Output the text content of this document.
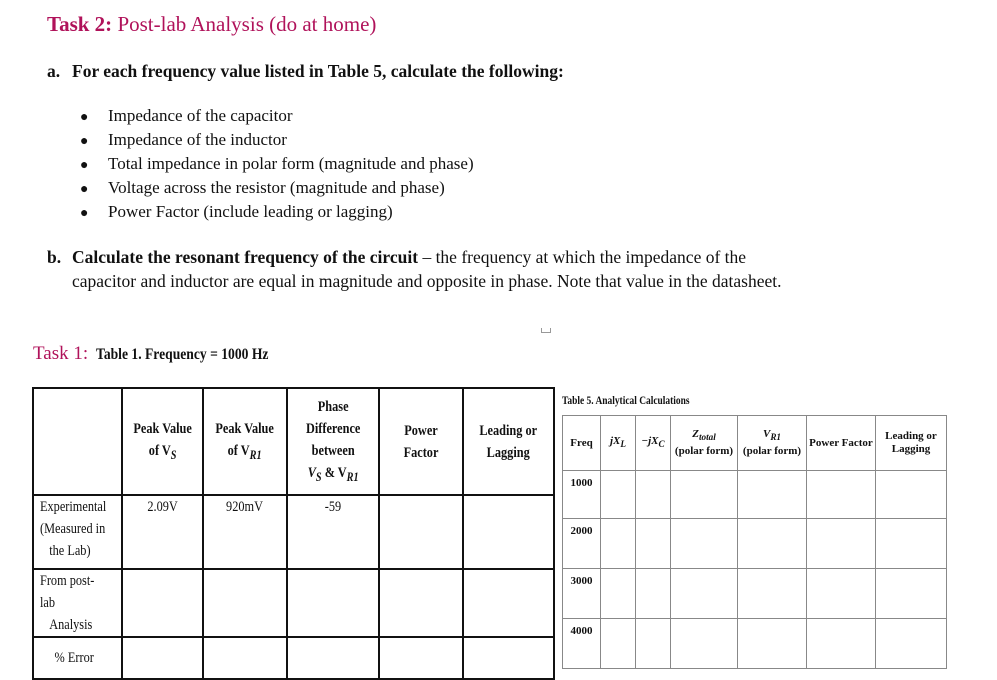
Task 2: Post-lab Analysis (do at home)
a. For each frequency value listed in Table 5, calculate the following:
● Impedance of the capacitor
● Impedance of the inductor
● Total impedance in polar form (magnitude and phase)
● Voltage across the resistor (magnitude and phase)
● Power Factor (include leading or lagging)
b. Calculate the resonant frequency of the circuit – the frequency at which the impedance of the
capacitor and inductor are equal in magnitude and opposite in phase. Note that value in the datasheet.
Task 1: Table 1. Frequency = 1000 Hz
	Peak Value
of $V_S$	Peak Value
of $V_{R1}$	Phase
Difference
between
$V_S$ & $V_{R1}$	Power Factor	Leading or
Lagging
Experimental
(Measured in
the Lab)	2.09V	920mV	-59		
From post-lab
Analysis					
% Error					
Table 5. Analytical Calculations
Freq	$jX_L$	$-jX_C$	$Z_{total}$
(polar form)	$V_{R1}$
(polar form)	Power Factor	Leading or
Lagging
1000						
2000						
3000						
4000						
